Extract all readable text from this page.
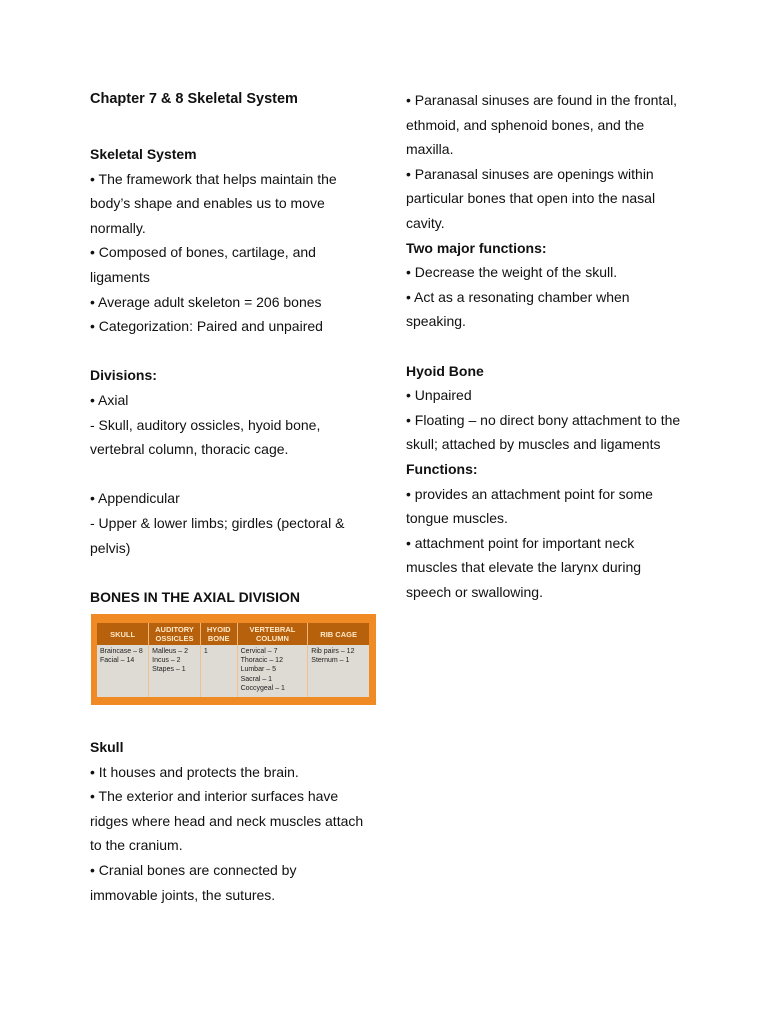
Chapter 7 & 8 Skeletal System
Skeletal System
• The framework that helps maintain the
body’s shape and enables us to move
normally.
• Composed of bones, cartilage, and
ligaments
• Average adult skeleton = 206 bones
• Categorization: Paired and unpaired
Divisions:
• Axial
- Skull, auditory ossicles, hyoid bone,
vertebral column, thoracic cage.
• Appendicular
- Upper & lower limbs; girdles (pectoral &
pelvis)
BONES IN THE AXIAL DIVISION
SKULL	AUDITORY OSSICLES	HYOID BONE	VERTEBRAL COLUMN	RIB CAGE

Braincase – 8
Facial – 14	Malleus – 2
Incus – 2
Stapes – 1	1	Cervical – 7
Thoracic – 12
Lumbar – 5
Sacral – 1
Coccygeal – 1	Rib pairs – 12
Sternum – 1
Skull
• It houses and protects the brain.
• The exterior and interior surfaces have
ridges where head and neck muscles attach
to the cranium.
• Cranial bones are connected by
immovable joints, the sutures.
• Paranasal sinuses are found in the frontal,
ethmoid, and sphenoid bones, and the
maxilla.
• Paranasal sinuses are openings within
particular bones that open into the nasal
cavity.
Two major functions:
• Decrease the weight of the skull.
• Act as a resonating chamber when
speaking.
Hyoid Bone
• Unpaired
• Floating – no direct bony attachment to the
skull; attached by muscles and ligaments
Functions:
• provides an attachment point for some
tongue muscles.
• attachment point for important neck
muscles that elevate the larynx during
speech or swallowing.
